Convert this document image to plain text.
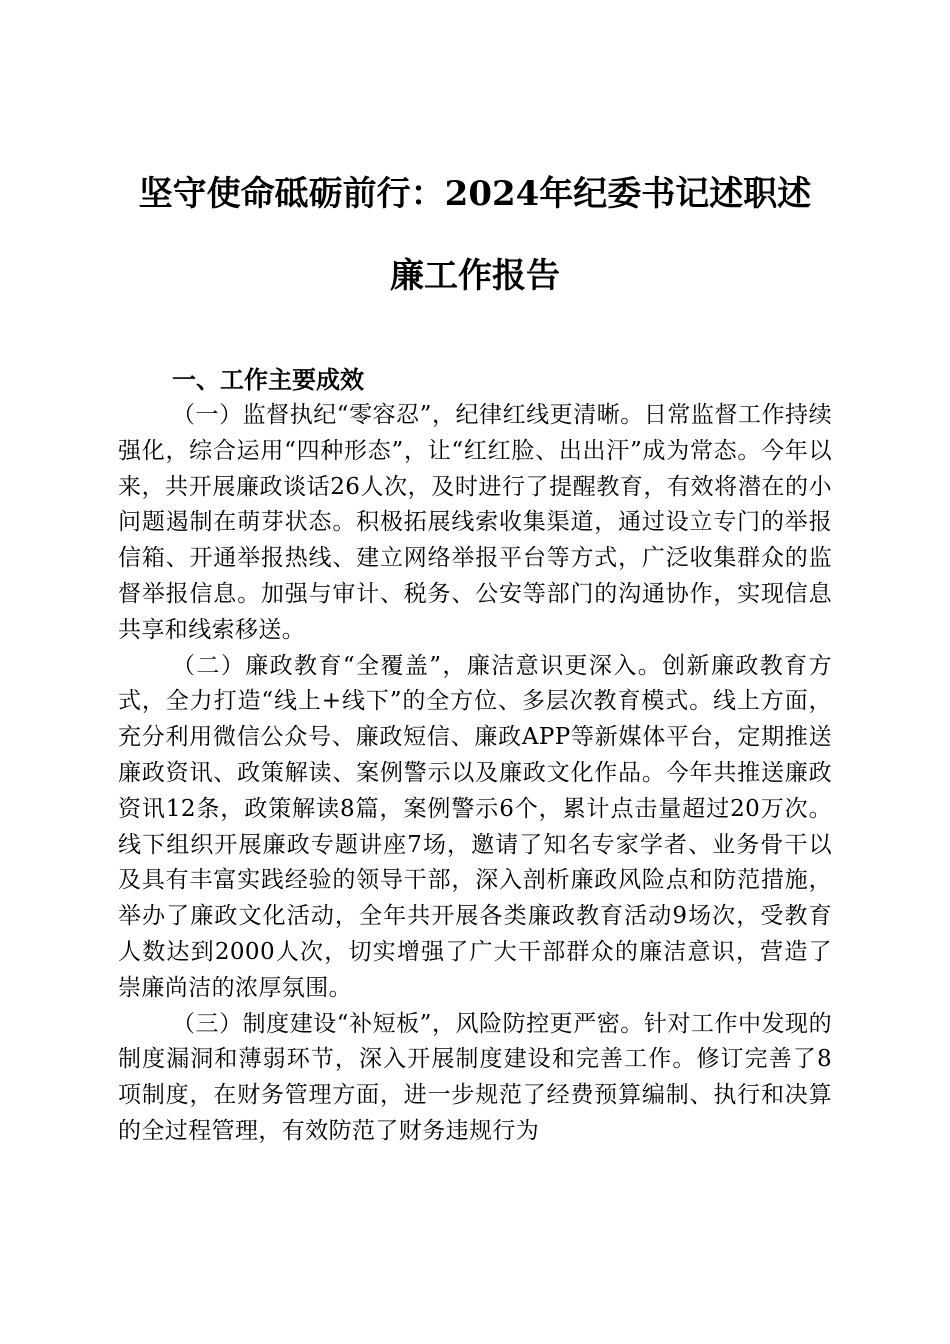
坚守使命砥砺前行：2024年纪委书记述职述
廉工作报告
一、工作主要成效

（一）监督执纪“零容忍”，纪律红线更清晰。日常监督工作持续强化，综合运用“四种形态”，让“红红脸、出出汗”成为常态。今年以来，共开展廉政谈话26人次，及时进行了提醒教育，有效将潜在的小问题遏制在萌芽状态。积极拓展线索收集渠道，通过设立专门的举报信箱、开通举报热线、建立网络举报平台等方式，广泛收集群众的监督举报信息。加强与审计、税务、公安等部门的沟通协作，实现信息共享和线索移送。

（二）廉政教育“全覆盖”，廉洁意识更深入。创新廉政教育方式，全力打造“线上+线下”的全方位、多层次教育模式。线上方面，充分利用微信公众号、廉政短信、廉政APP等新媒体平台，定期推送廉政资讯、政策解读、案例警示以及廉政文化作品。今年共推送廉政资讯12条，政策解读8篇，案例警示6个，累计点击量超过20万次。线下组织开展廉政专题讲座7场，邀请了知名专家学者、业务骨干以及具有丰富实践经验的领导干部，深入剖析廉政风险点和防范措施，举办了廉政文化活动，全年共开展各类廉政教育活动9场次，受教育人数达到2000人次，切实增强了广大干部群众的廉洁意识，营造了崇廉尚洁的浓厚氛围。

（三）制度建设“补短板”，风险防控更严密。针对工作中发现的制度漏洞和薄弱环节，深入开展制度建设和完善工作。修订完善了8项制度，在财务管理方面，进一步规范了经费预算编制、执行和决算的全过程管理，有效防范了财务违规行为
